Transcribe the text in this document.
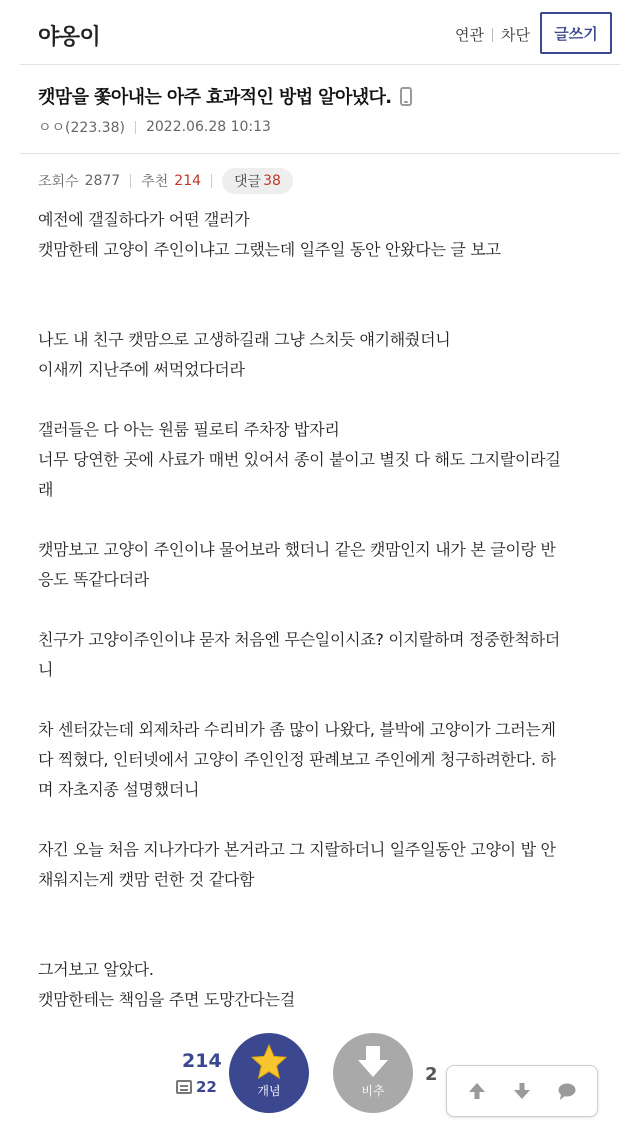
야옹이	연관 차단	글쓰기
캣맘을 쫓아내는 아주 효과적인 방법 알아냈다.
ㅇㅇ(223.38) 2022.06.28 10:13
조회수 2877 추천 214 댓글 38

예전에 갤질하다가 어떤 갤러가

캣맘한테 고양이 주인이냐고 그랬는데 일주일 동안 안왔다는 글 보고

나도 내 친구 캣맘으로 고생하길래 그냥 스치듯 얘기해줬더니

이새끼 지난주에 써먹었다더라

갤러들은 다 아는 원룸 필로티 주차장 밥자리

너무 당연한 곳에 사료가 매번 있어서 종이 붙이고 별짓 다 해도 그지랄이라길

래

캣맘보고 고양이 주인이냐 물어보라 했더니 같은 캣맘인지 내가 본 글이랑 반

응도 똑같다더라

친구가 고양이주인이냐 묻자 처음엔 무슨일이시죠? 이지랄하며 정중한척하더

니

차 센터갔는데 외제차라 수리비가 좀 많이 나왔다, 블박에 고양이가 그러는게

다 찍혔다, 인터넷에서 고양이 주인인정 판례보고 주인에게 청구하려한다. 하

며 자초지종 설명했더니

자긴 오늘 처음 지나가다가 본거라고 그 지랄하더니 일주일동안 고양이 밥 안

채워지는게 캣맘 런한 것 같다함

그거보고 알았다.

캣맘한테는 책임을 주면 도망간다는걸

214
22	개념	비추
2
